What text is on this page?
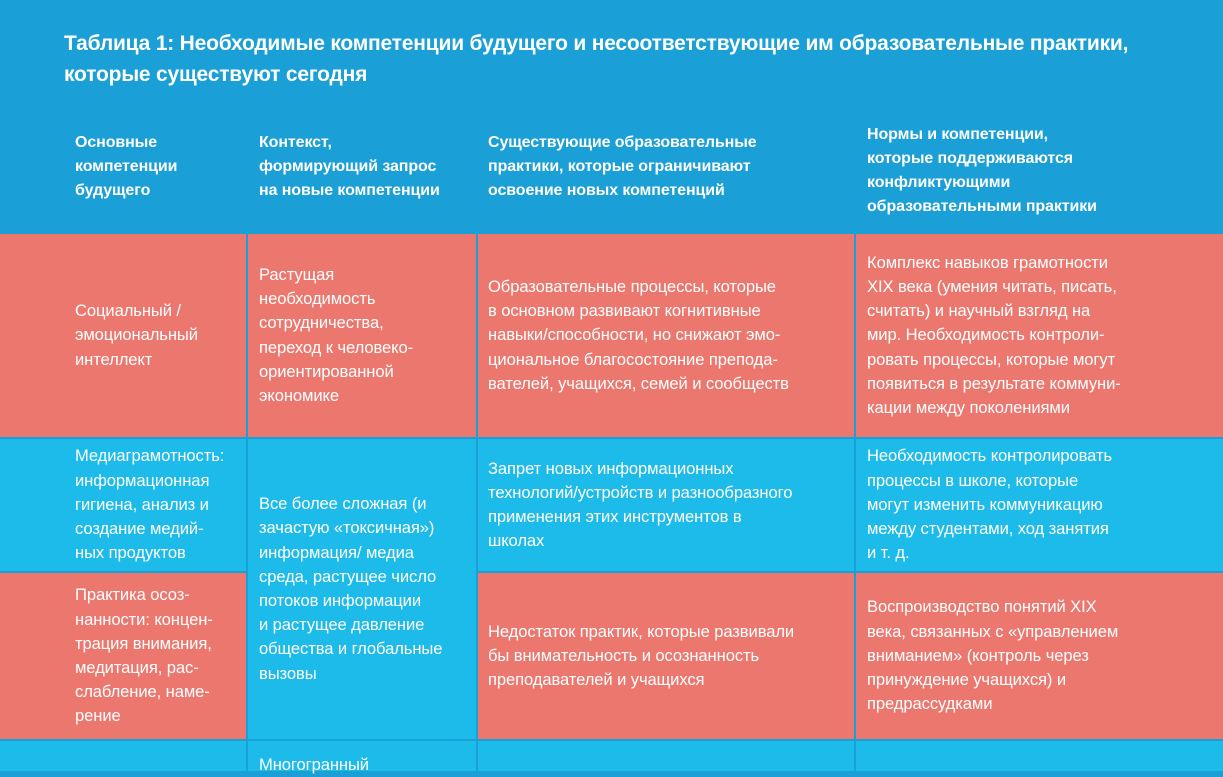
Таблица 1: Необходимые компетенции будущего и несоответствующие им образовательные практики, которые существуют сегодня
Основные
компетенции
будущего
Контекст,
формирующий запрос
на новые компетенции
Существующие образовательные
практики, которые ограничивают
освоение новых компетенций
Нормы и компетенции,
которые поддерживаются
конфликтующими
образовательными практики
Социальный /
эмоциональный
интеллект
Растущая
необходимость
сотрудничества,
переход к человеко-
ориентированной
экономике
Образовательные процессы, которые
в основном развивают когнитивные
навыки/способности, но снижают эмо-
циональное благосостояние препода-
вателей, учащихся, семей и сообществ
Комплекс навыков грамотности
XIX века (умения читать, писать,
считать) и научный взгляд на
мир. Необходимость контроли-
ровать процессы, которые могут
появиться в результате коммуни-
кации между поколениями
Медиаграмотность:
информационная
гигиена, анализ и
создание медий-
ных продуктов
Запрет новых информационных
технологий/устройств и разнообразного
применения этих инструментов в
школах
Необходимость контролировать
процессы в школе, которые
могут изменить коммуникацию
между студентами, ход занятия
и т. д.
Все более сложная (и
зачастую «токсичная»)
информация/ медиа
среда, растущее число
потоков информации
и растущее давление
общества и глобальные
вызовы
Практика осоз-
нанности: концен-
трация внимания,
медитация, рас-
слабление, наме-
рение
Недостаток практик, которые развивали
бы внимательность и осознанность
преподавателей и учащихся
Воспроизводство понятий XIX
века, связанных с «управлением
вниманием» (контроль через
принуждение учащихся) и
предрассудками
Многогранный
